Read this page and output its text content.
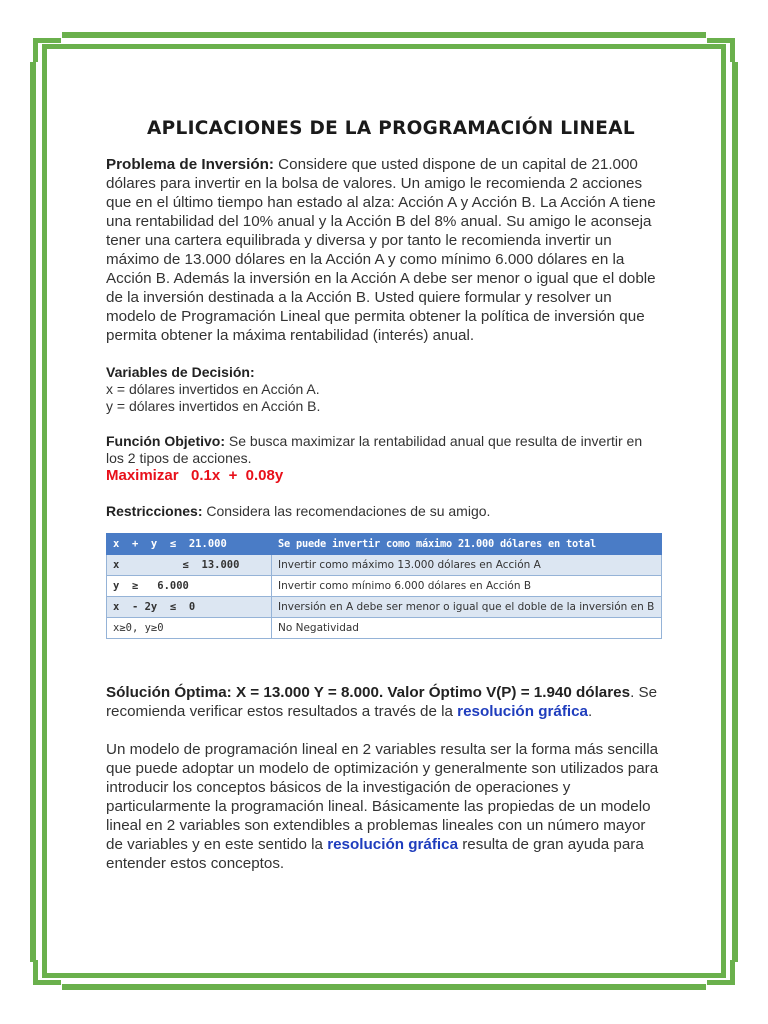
APLICACIONES DE LA PROGRAMACIÓN LINEAL

Problema de Inversión: Considere que usted dispone de un capital de 21.000 dólares para invertir en la bolsa de valores. Un amigo le recomienda 2 acciones que en el último tiempo han estado al alza: Acción A y Acción B. La Acción A tiene una rentabilidad del 10% anual y la Acción B del 8% anual. Su amigo le aconseja tener una cartera equilibrada y diversa y por tanto le recomienda invertir un máximo de 13.000 dólares en la Acción A y como mínimo 6.000 dólares en la Acción B. Además la inversión en la Acción A debe ser menor o igual que el doble de la inversión destinada a la Acción B. Usted quiere formular y resolver un modelo de Programación Lineal que permita obtener la política de inversión que permita obtener la máxima rentabilidad (interés) anual.

Variables de Decisión:

x = dólares invertidos en Acción A.

y = dólares invertidos en Acción B.

Función Objetivo: Se busca maximizar la rentabilidad anual que resulta de invertir en los 2 tipos de acciones.

Maximizar   0.1x  +  0.08y

Restricciones: Considera las recomendaciones de su amigo.

x  +  y  ≤  21.000	Se puede invertir como máximo 21.000 dólares en total
x          ≤  13.000	Invertir como máximo 13.000 dólares en Acción A
y  ≥   6.000	Invertir como mínimo 6.000 dólares en Acción B
x  - 2y  ≤  0	Inversión en A debe ser menor o igual que el doble de la inversión en B
x≥0, y≥0	No Negatividad

Sólución Óptima: X = 13.000 Y = 8.000. Valor Óptimo V(P) = 1.940 dólares. Se recomienda verificar estos resultados a través de la resolución gráfica.

Un modelo de programación lineal en 2 variables resulta ser la forma más sencilla que puede adoptar un modelo de optimización y generalmente son utilizados para introducir los conceptos básicos de la investigación de operaciones y particularmente la programación lineal. Básicamente las propiedas de un modelo lineal en 2 variables son extendibles a problemas lineales con un número mayor de variables y en este sentido la resolución gráfica resulta de gran ayuda para entender estos conceptos.
